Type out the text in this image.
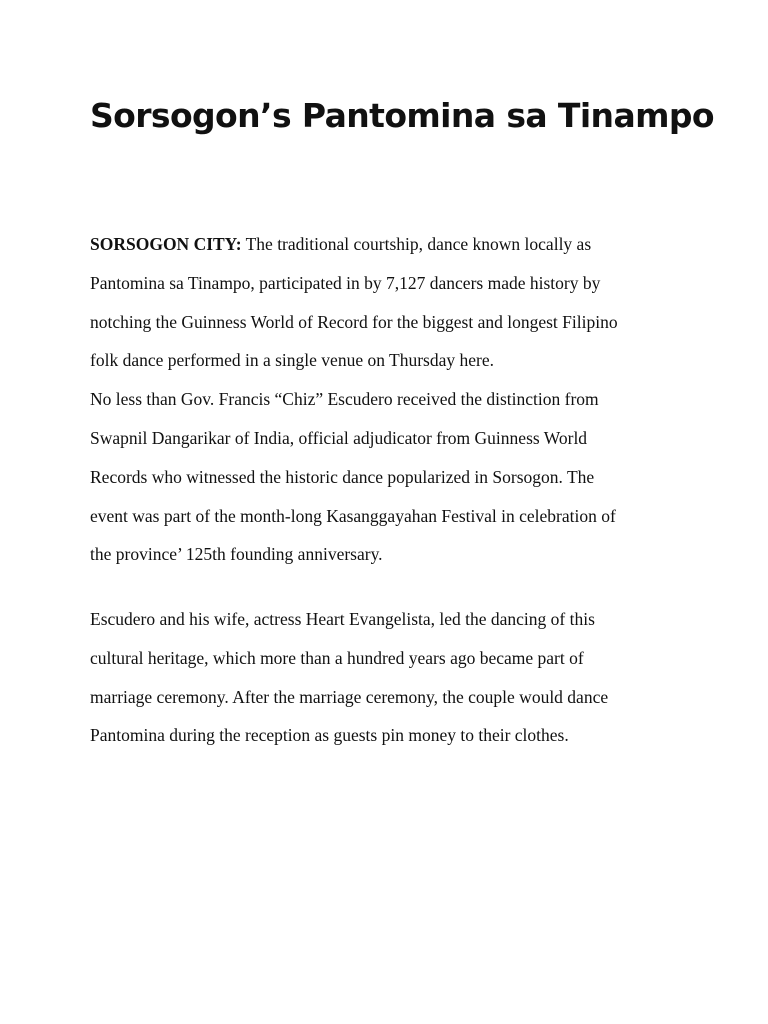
Sorsogon’s Pantomina sa Tinampo
SORSOGON CITY: The traditional courtship, dance known locally as
Pantomina sa Tinampo, participated in by 7,127 dancers made history by
notching the Guinness World of Record for the biggest and longest Filipino
folk dance performed in a single venue on Thursday here.
No less than Gov. Francis “Chiz” Escudero received the distinction from
Swapnil Dangarikar of India, official adjudicator from Guinness World
Records who witnessed the historic dance popularized in Sorsogon. The
event was part of the month-long Kasanggayahan Festival in celebration of
the province’ 125th founding anniversary.
Escudero and his wife, actress Heart Evangelista, led the dancing of this
cultural heritage, which more than a hundred years ago became part of
marriage ceremony. After the marriage ceremony, the couple would dance
Pantomina during the reception as guests pin money to their clothes.
